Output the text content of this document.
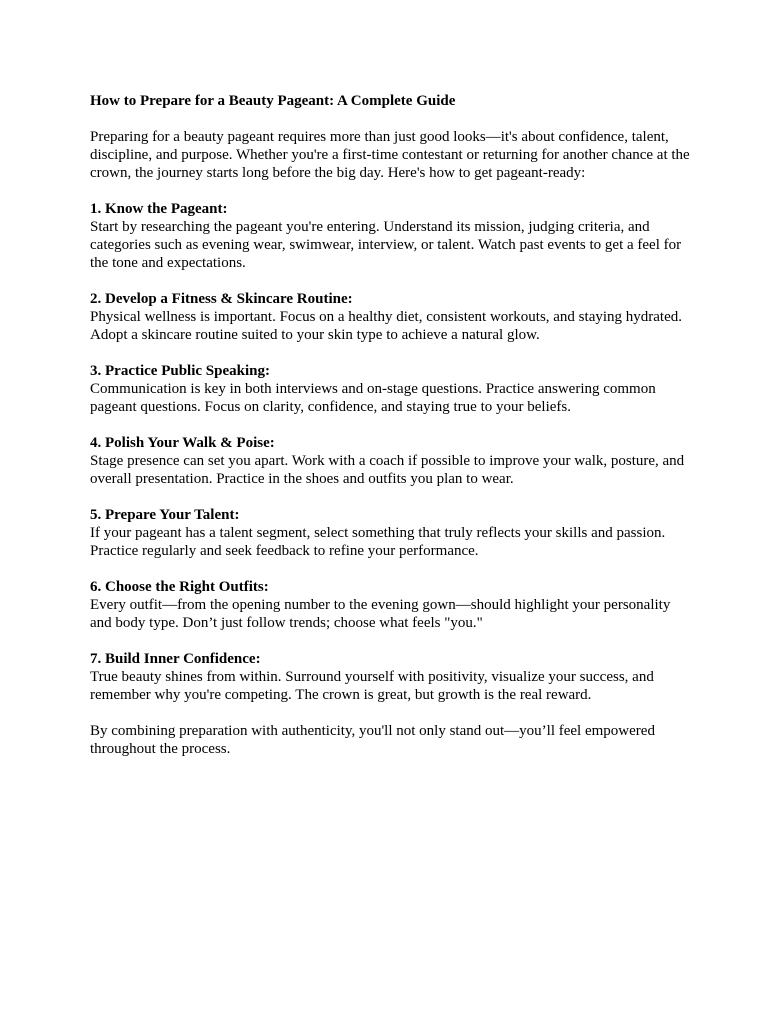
How to Prepare for a Beauty Pageant: A Complete Guide

Preparing for a beauty pageant requires more than just good looks—it's about confidence, talent, discipline, and purpose. Whether you're a first-time contestant or returning for another chance at the crown, the journey starts long before the big day. Here's how to get pageant-ready:

1. Know the Pageant:
Start by researching the pageant you're entering. Understand its mission, judging criteria, and categories such as evening wear, swimwear, interview, or talent. Watch past events to get a feel for the tone and expectations.
2. Develop a Fitness & Skincare Routine:
Physical wellness is important. Focus on a healthy diet, consistent workouts, and staying hydrated. Adopt a skincare routine suited to your skin type to achieve a natural glow.
3. Practice Public Speaking:
Communication is key in both interviews and on-stage questions. Practice answering common pageant questions. Focus on clarity, confidence, and staying true to your beliefs.
4. Polish Your Walk & Poise:
Stage presence can set you apart. Work with a coach if possible to improve your walk, posture, and overall presentation. Practice in the shoes and outfits you plan to wear.
5. Prepare Your Talent:
If your pageant has a talent segment, select something that truly reflects your skills and passion. Practice regularly and seek feedback to refine your performance.
6. Choose the Right Outfits:
Every outfit—from the opening number to the evening gown—should highlight your personality and body type. Don’t just follow trends; choose what feels "you."
7. Build Inner Confidence:
True beauty shines from within. Surround yourself with positivity, visualize your success, and remember why you're competing. The crown is great, but growth is the real reward.

By combining preparation with authenticity, you'll not only stand out—you’ll feel empowered throughout the process.
